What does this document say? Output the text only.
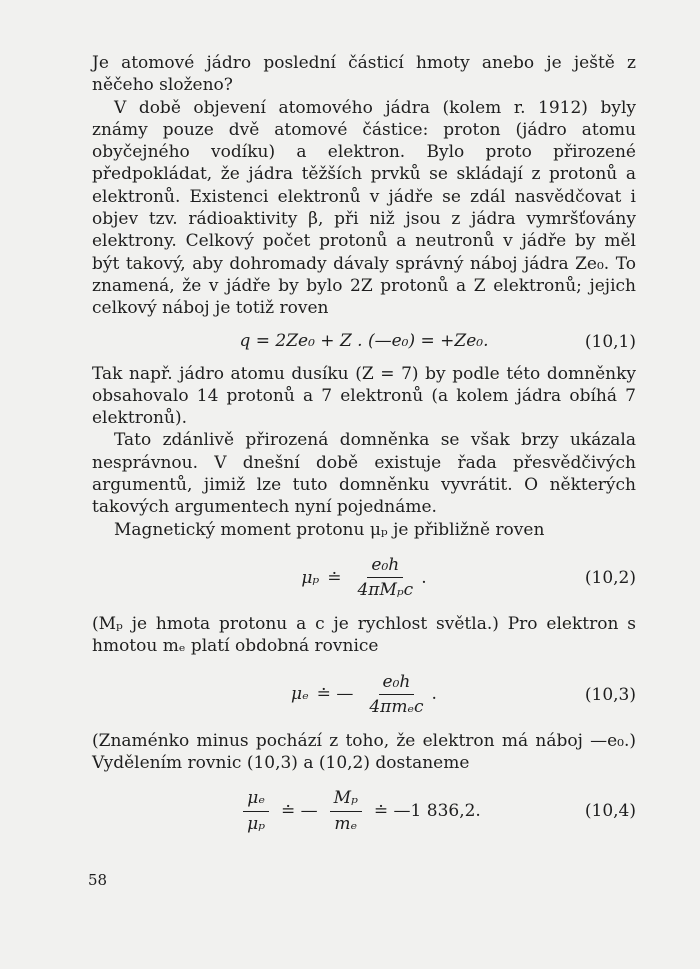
Je atomové jádro poslední částicí hmoty anebo je ještě z něčeho složeno?

V době objevení atomového jádra (kolem r. 1912) byly známy pouze dvě atomové částice: proton (jádro atomu obyčejného vodíku) a elektron. Bylo proto přirozené předpokládat, že jádra těžších prvků se skládají z protonů a elektronů. Existenci elektronů v jádře se zdál nasvědčovat i objev tzv. rádioaktivity β, při niž jsou z jádra vymršťovány elektrony. Celkový počet protonů a neutronů v jádře by měl být takový, aby dohromady dávaly správný náboj jádra Ze₀. To znamená, že v jádře by bylo 2Z protonů a Z elektronů; jejich celkový náboj je totiž roven

q = 2Ze₀ + Z . (—e₀) = +Ze₀.	(10,1)

Tak např. jádro atomu dusíku (Z = 7) by podle této domněnky obsahovalo 14 protonů a 7 elektronů (a kolem jádra obíhá 7 elektronů).

Tato zdánlivě přirozená domněnka se však brzy ukázala nesprávnou. V dnešní době existuje řada přesvědčivých argumentů, jimiž lze tuto domněnku vyvrátit. O některých takových argumentech nyní pojednáme.

Magnetický moment protonu μₚ je přibližně roven

μₚ ≐ $\frac{\text{e₀h}}{\text{4πMₚc}}$ .	(10,2)

(Mₚ je hmota protonu a c je rychlost světla.) Pro elektron s hmotou mₑ platí obdobná rovnice

μₑ ≐ — $\frac{\text{e₀h}}{\text{4πmₑc}}$ .	(10,3)

(Znaménko minus pochází z toho, že elektron má náboj —e₀.) Vydělením rovnic (10,3) a (10,2) dostaneme

$\frac{\text{μₑ}}{\text{μₚ}}$ ≐ — $\frac{\text{Mₚ}}{\text{mₑ}}$ ≐ —1 836,2.	(10,4)
58
